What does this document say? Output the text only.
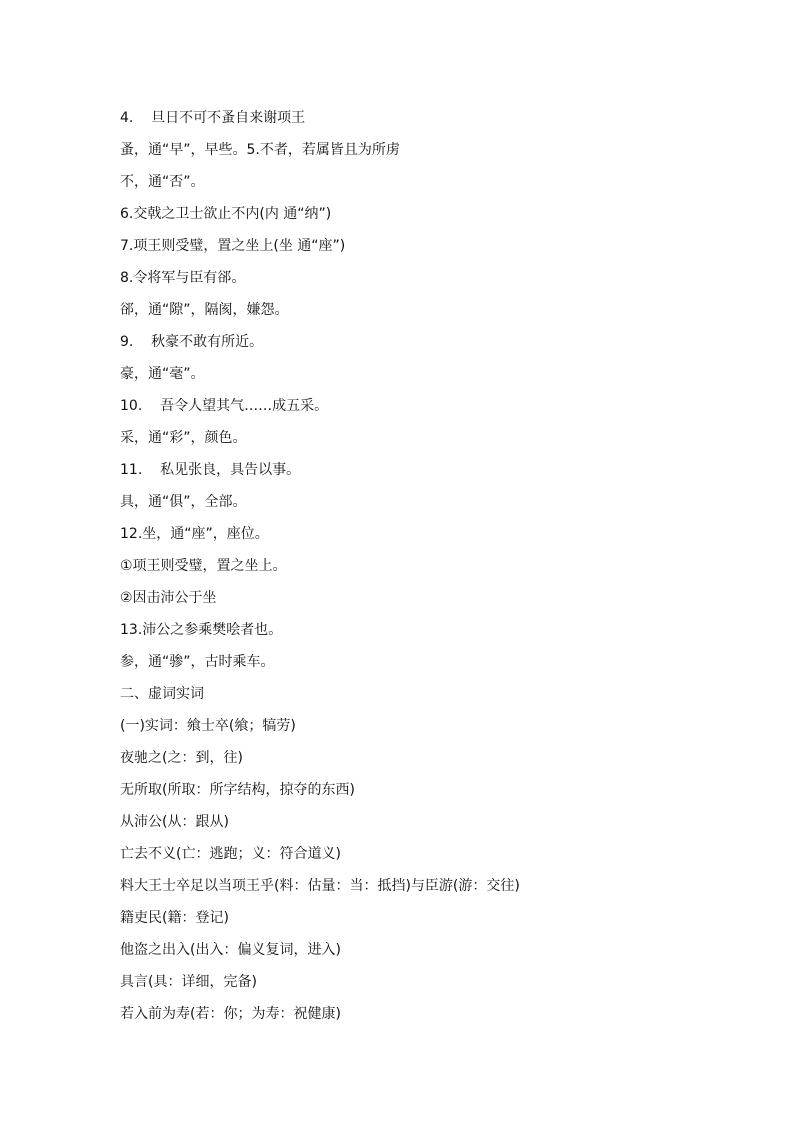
4.    旦日不可不蚤自来谢项王
蚤，通“早”，早些。5.不者，若属皆且为所虏
不，通“否”。
6.交戟之卫士欲止不内(内 通“纳”)
7.项王则受璧，置之坐上(坐 通“座”)
8.令将军与臣有郤。
郤，通“隙”，隔阂，嫌怨。
9.    秋豪不敢有所近。
豪，通“毫”。
10.    吾令人望其气……成五采。
采，通“彩”，颜色。
11.    私见张良，具告以事。
具，通“俱”，全部。
12.坐，通“座”，座位。
①项王则受璧，置之坐上。
②因击沛公于坐
13.沛公之参乘樊哙者也。
参，通“骖”，古时乘车。
二、虚词实词
(一)实词：飨士卒(飨；犒劳)
夜驰之(之：到，往)
无所取(所取：所字结构，掠夺的东西)
从沛公(从：跟从)
亡去不义(亡：逃跑；义：符合道义)
料大王士卒足以当项王乎(料：估量：当：抵挡)与臣游(游：交往)
籍吏民(籍：登记)
他盗之出入(出入：偏义复词，进入)
具言(具：详细，完备)
若入前为寿(若：你；为寿：祝健康)
